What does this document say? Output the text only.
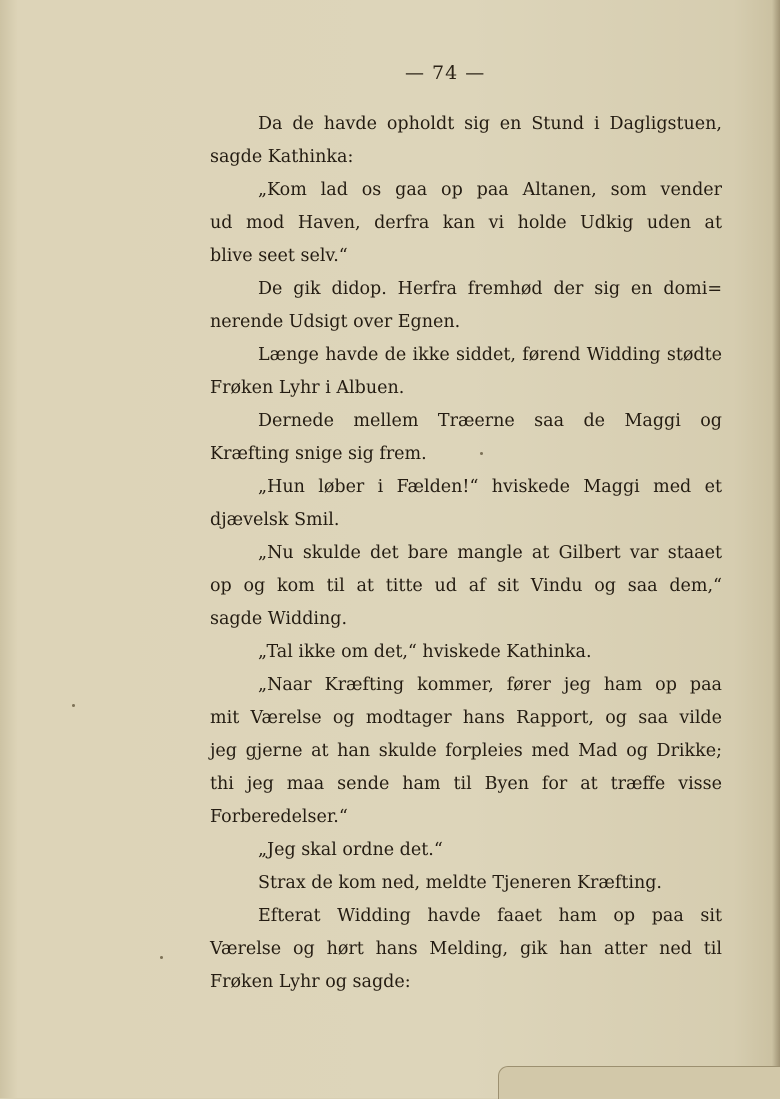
— 74 —
Da de havde opholdt sig en Stund i Dagligstuen,
sagde Kathinka:
„Kom lad os gaa op paa Altanen, som vender
ud mod Haven, derfra kan vi holde Udkig uden at
blive seet selv.“
De gik didop. Herfra fremhød der sig en domi=
nerende Udsigt over Egnen.
Længe havde de ikke siddet, førend Widding stødte
Frøken Lyhr i Albuen.
Dernede mellem Træerne saa de Maggi og
Kræfting snige sig frem.
„Hun løber i Fælden!“ hviskede Maggi med et
djævelsk Smil.
„Nu skulde det bare mangle at Gilbert var staaet
op og kom til at titte ud af sit Vindu og saa dem,“
sagde Widding.
„Tal ikke om det,“ hviskede Kathinka.
„Naar Kræfting kommer, fører jeg ham op paa
mit Værelse og modtager hans Rapport, og saa vilde
jeg gjerne at han skulde forpleies med Mad og Drikke;
thi jeg maa sende ham til Byen for at træffe visse
Forberedelser.“
„Jeg skal ordne det.“
Strax de kom ned, meldte Tjeneren Kræfting.
Efterat Widding havde faaet ham op paa sit
Værelse og hørt hans Melding, gik han atter ned til
Frøken Lyhr og sagde:
